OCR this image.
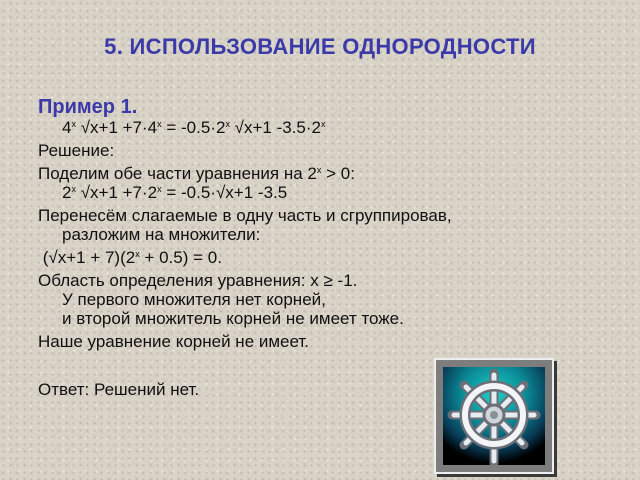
5. ИСПОЛЬЗОВАНИЕ ОДНОРОДНОСТИ
Пример 1.
4$^x$ $√x+1 +7\cdot 4^x = -0.5\cdot 2^x$ √x+1 $-3.5\cdot 2^x$
Решение:
Поделим обе части уравнения на $2^x > 0$:
2$^x$ $√x+1 +7\cdot 2^x = -0.5\cdot√x+1$ -3.5
Перенесём слагаемые в одну часть и сгруппировав,
разложим на множители:
$(√x+1 + 7)(2^x + 0.5) = 0$.
Область определения уравнения: x ≥ -1.
У первого множителя нет корней,
и второй множитель корней не имеет тоже.
Наше уравнение корней не имеет.
Ответ: Решений нет.
